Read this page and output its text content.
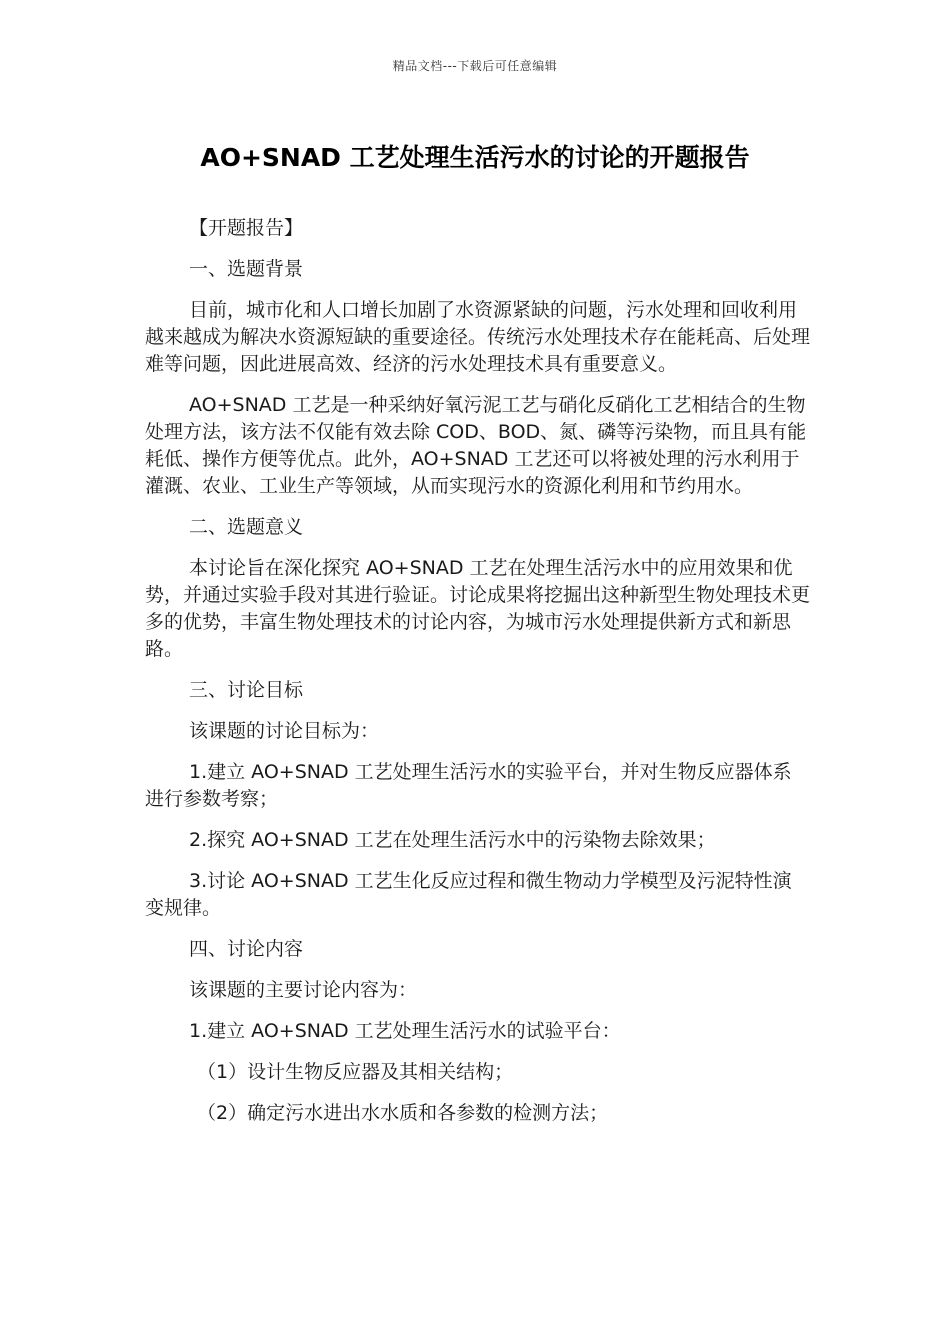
精品文档---下载后可任意编辑
AO+SNAD 工艺处理生活污水的讨论的开题报告

【开题报告】

一、选题背景

目前，城市化和人口增长加剧了水资源紧缺的问题，污水处理和回收利用越来越成为解决水资源短缺的重要途径。传统污水处理技术存在能耗高、后处理难等问题，因此进展高效、经济的污水处理技术具有重要意义。

AO+SNAD 工艺是一种采纳好氧污泥工艺与硝化反硝化工艺相结合的生物处理方法，该方法不仅能有效去除 COD、BOD、氮、磷等污染物，而且具有能耗低、操作方便等优点。此外，AO+SNAD 工艺还可以将被处理的污水利用于灌溉、农业、工业生产等领域，从而实现污水的资源化利用和节约用水。

二、选题意义

本讨论旨在深化探究 AO+SNAD 工艺在处理生活污水中的应用效果和优势，并通过实验手段对其进行验证。讨论成果将挖掘出这种新型生物处理技术更多的优势，丰富生物处理技术的讨论内容，为城市污水处理提供新方式和新思路。

三、讨论目标

该课题的讨论目标为：

1.建立 AO+SNAD 工艺处理生活污水的实验平台，并对生物反应器体系进行参数考察；

2.探究 AO+SNAD 工艺在处理生活污水中的污染物去除效果；

3.讨论 AO+SNAD 工艺生化反应过程和微生物动力学模型及污泥特性演变规律。

四、讨论内容

该课题的主要讨论内容为：

1.建立 AO+SNAD 工艺处理生活污水的试验平台：

（1）设计生物反应器及其相关结构；

（2）确定污水进出水水质和各参数的检测方法；
